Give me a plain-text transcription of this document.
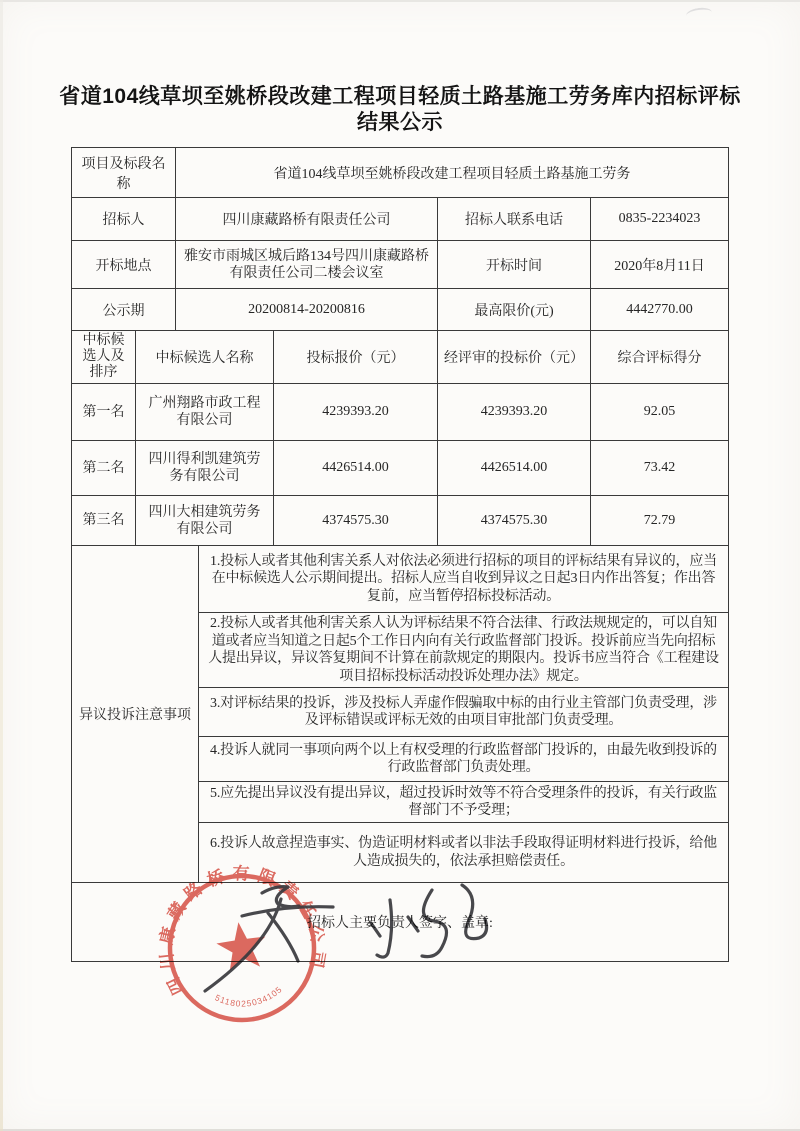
省道104线草坝至姚桥段改建工程项目轻质土路基施工劳务库内招标评标
结果公示
项目及标段名称		省道104线草坝至姚桥段改建工程项目轻质土路基施工劳务				
招标人		四川康藏路桥有限责任公司			招标人联系电话	0835-2234023
开标地点		雅安市雨城区城后路134号四川康藏路桥有限责任公司二楼会议室			开标时间	2020年8月11日
公示期		20200814-20200816			最高限价(元)	4442770.00
中标候选人及排序	中标候选人名称			投标报价（元）	经评审的投标价（元）	综合评标得分
第一名	广州翔路市政工程有限公司			4239393.20	4239393.20	92.05
第二名	四川得利凯建筑劳务有限公司			4426514.00	4426514.00	73.42
第三名	四川大相建筑劳务有限公司			4374575.30	4374575.30	72.79
异议投诉注意事项			1.投标人或者其他利害关系人对依法必须进行招标的项目的评标结果有异议的，应当在中标候选人公示期间提出。招标人应当自收到异议之日起3日内作出答复；作出答复前，应当暂停招标投标活动。			
			2.投标人或者其他利害关系人认为评标结果不符合法律、行政法规规定的，可以自知道或者应当知道之日起5个工作日内向有关行政监督部门投诉。投诉前应当先向招标人提出异议，异议答复期间不计算在前款规定的期限内。投诉书应当符合《工程建设项目招标投标活动投诉处理办法》规定。			
			3.对评标结果的投诉，涉及投标人弄虚作假骗取中标的由行业主管部门负责受理，涉及评标错误或评标无效的由项目审批部门负责受理。			
			4.投诉人就同一事项向两个以上有权受理的行政监督部门投诉的，由最先收到投诉的行政监督部门负责处理。			
			5.应先提出异议没有提出异议，超过投诉时效等不符合受理条件的投诉，有关行政监督部门不予受理；			
			6.投诉人故意捏造事实、伪造证明材料或者以非法手段取得证明材料进行投诉，给他人造成损失的，依法承担赔偿责任。			
招标人主要负责人签字、盖章:						
四川康藏路桥有限责任公司
5118025034105
